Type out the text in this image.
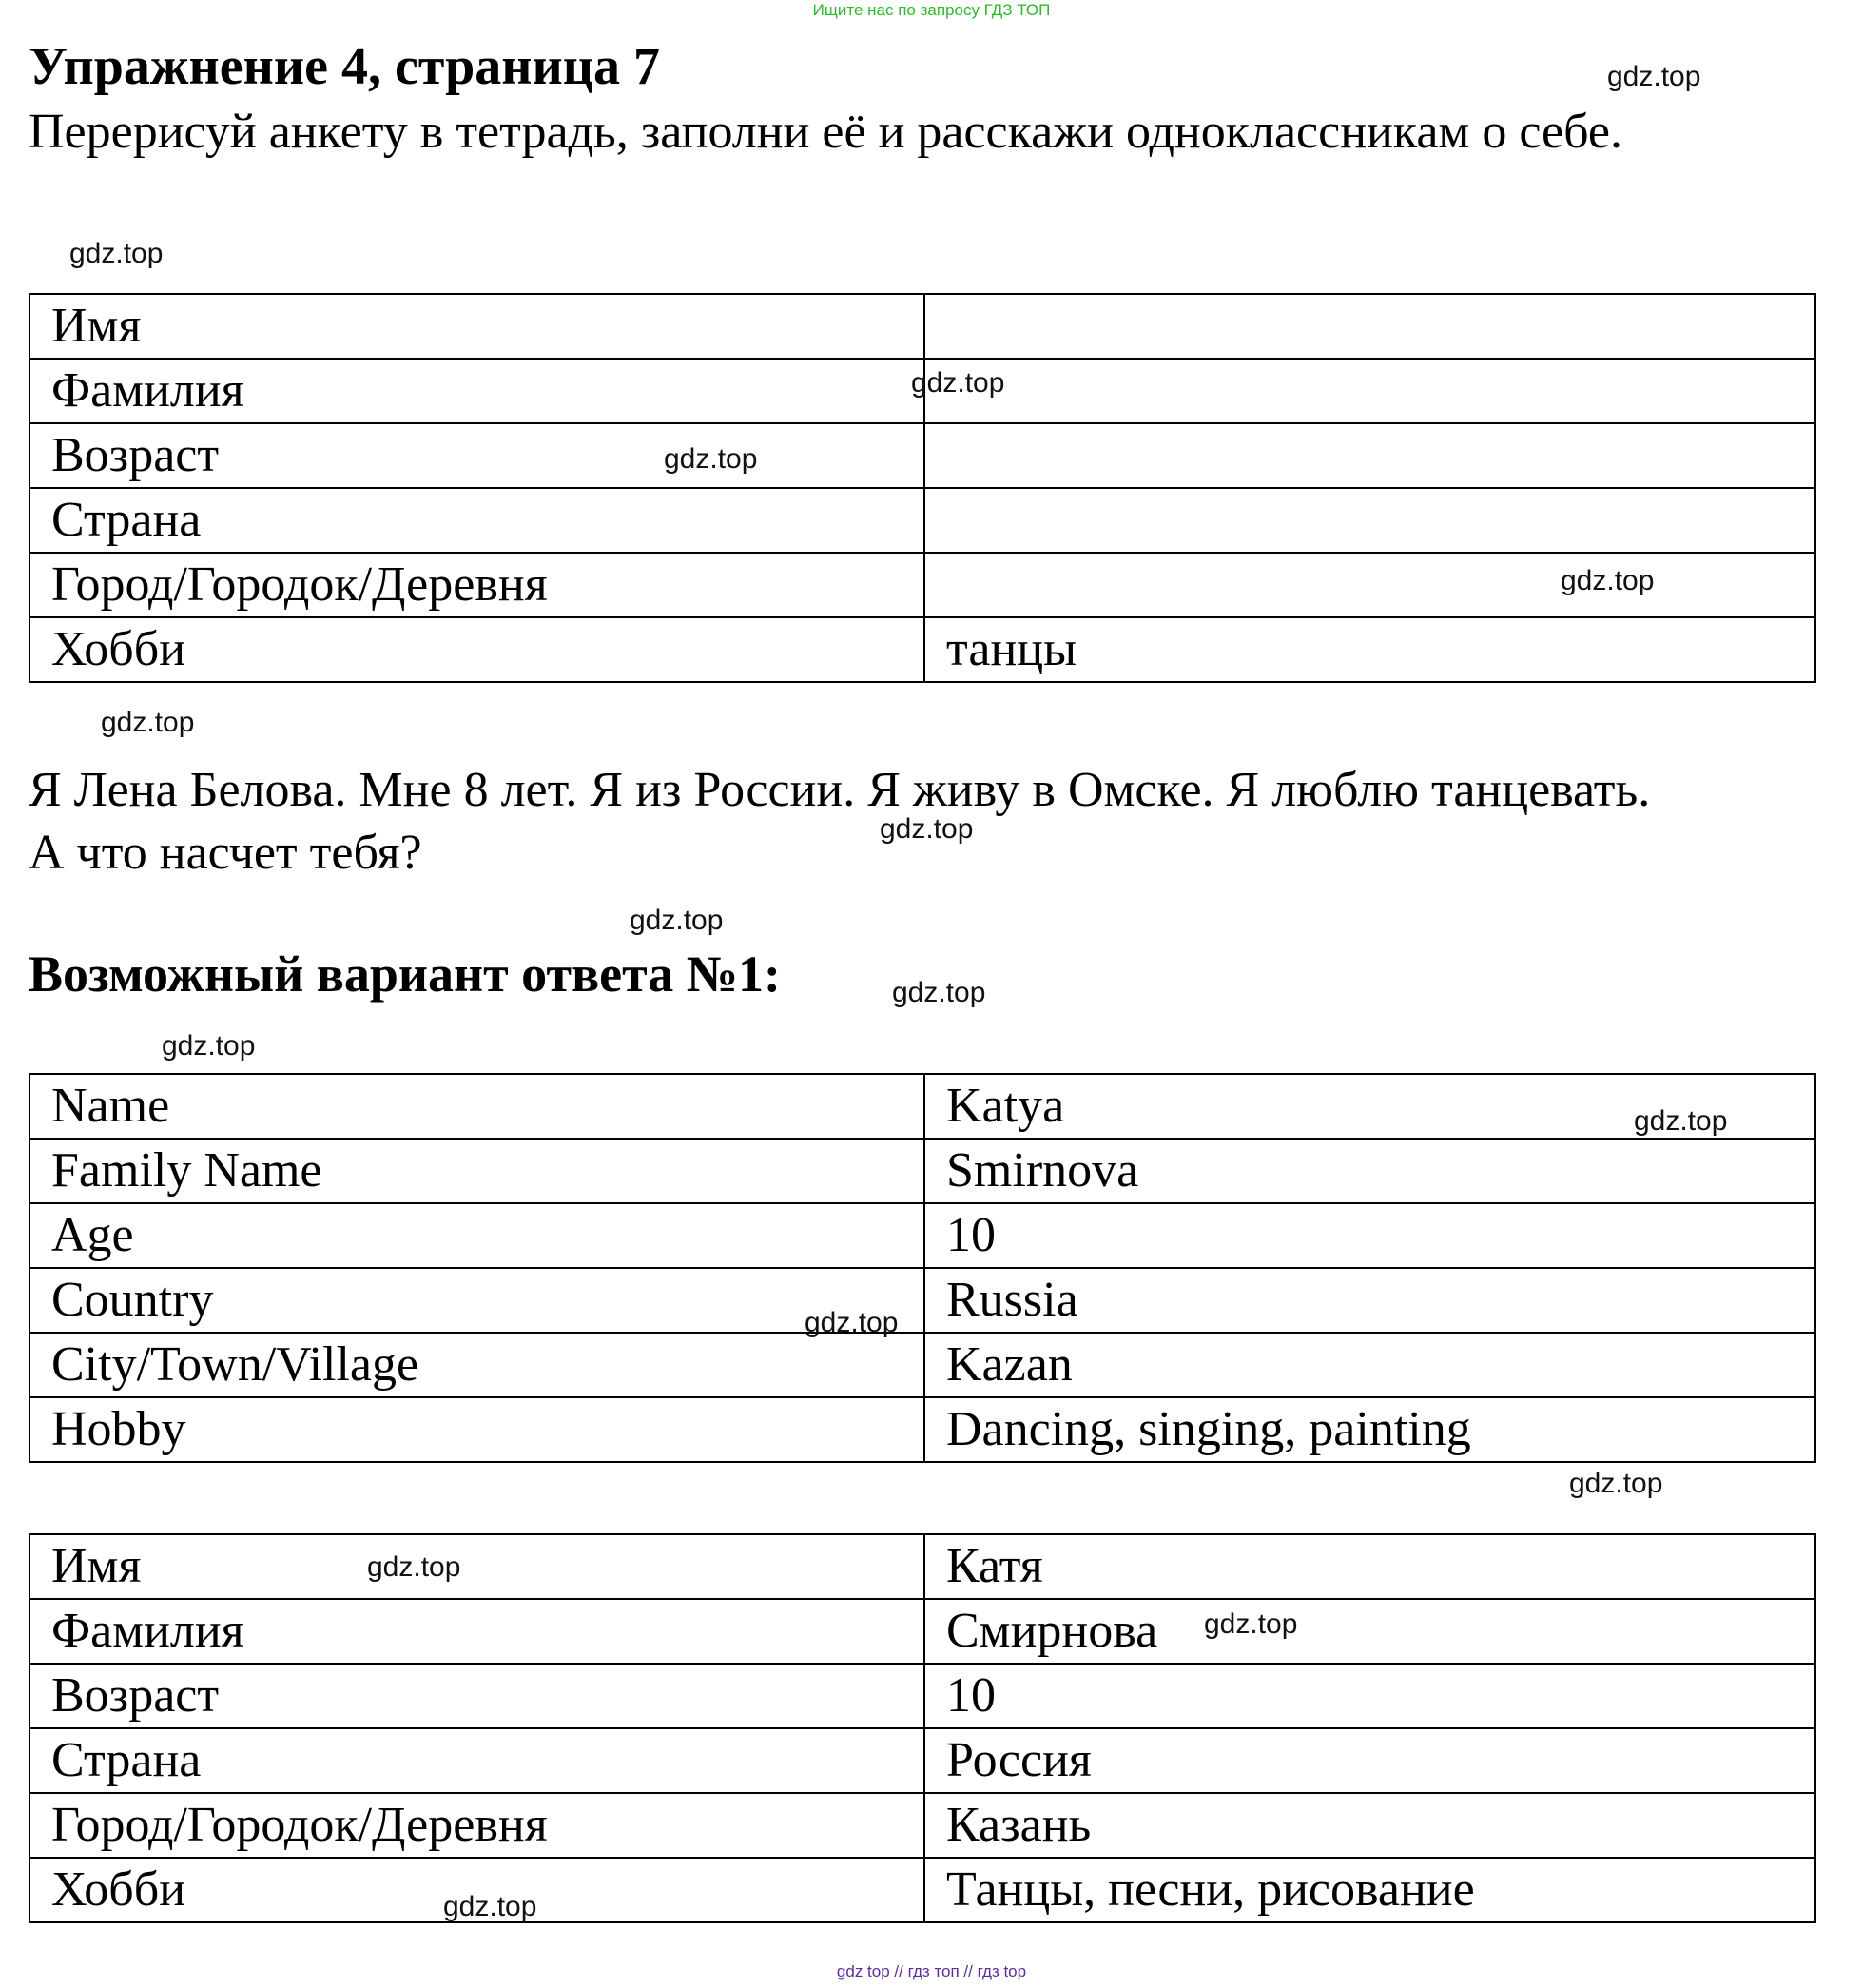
Ищите нас по запросу ГДЗ ТОП
Упражнение 4, страница 7
Перерисуй анкету в тетрадь, заполни её и расскажи одноклассникам о себе.
Имя	
Фамилия	
Возраст	
Страна	
Город/Городок/Деревня	
Хобби	танцы

Я Лена Белова. Мне 8 лет. Я из России. Я живу в Омске. Я люблю танцевать.

А что насчет тебя?

Возможный вариант ответа №1:
Name	Katya
Family Name	Smirnova
Age	10
Country	Russia
City/Town/Village	Kazan
Hobby	Dancing, singing, painting
Имя	Катя
Фамилия	Смирнова
Возраст	10
Страна	Россия
Город/Городок/Деревня	Казань
Хобби	Танцы, песни, рисование
gdz.top
gdz.top
gdz.top
gdz.top
gdz.top
gdz.top
gdz.top
gdz.top
gdz.top
gdz.top
gdz.top
gdz.top
gdz.top
gdz.top
gdz.top
gdz.top
gdz top // гдз топ // гдз top
